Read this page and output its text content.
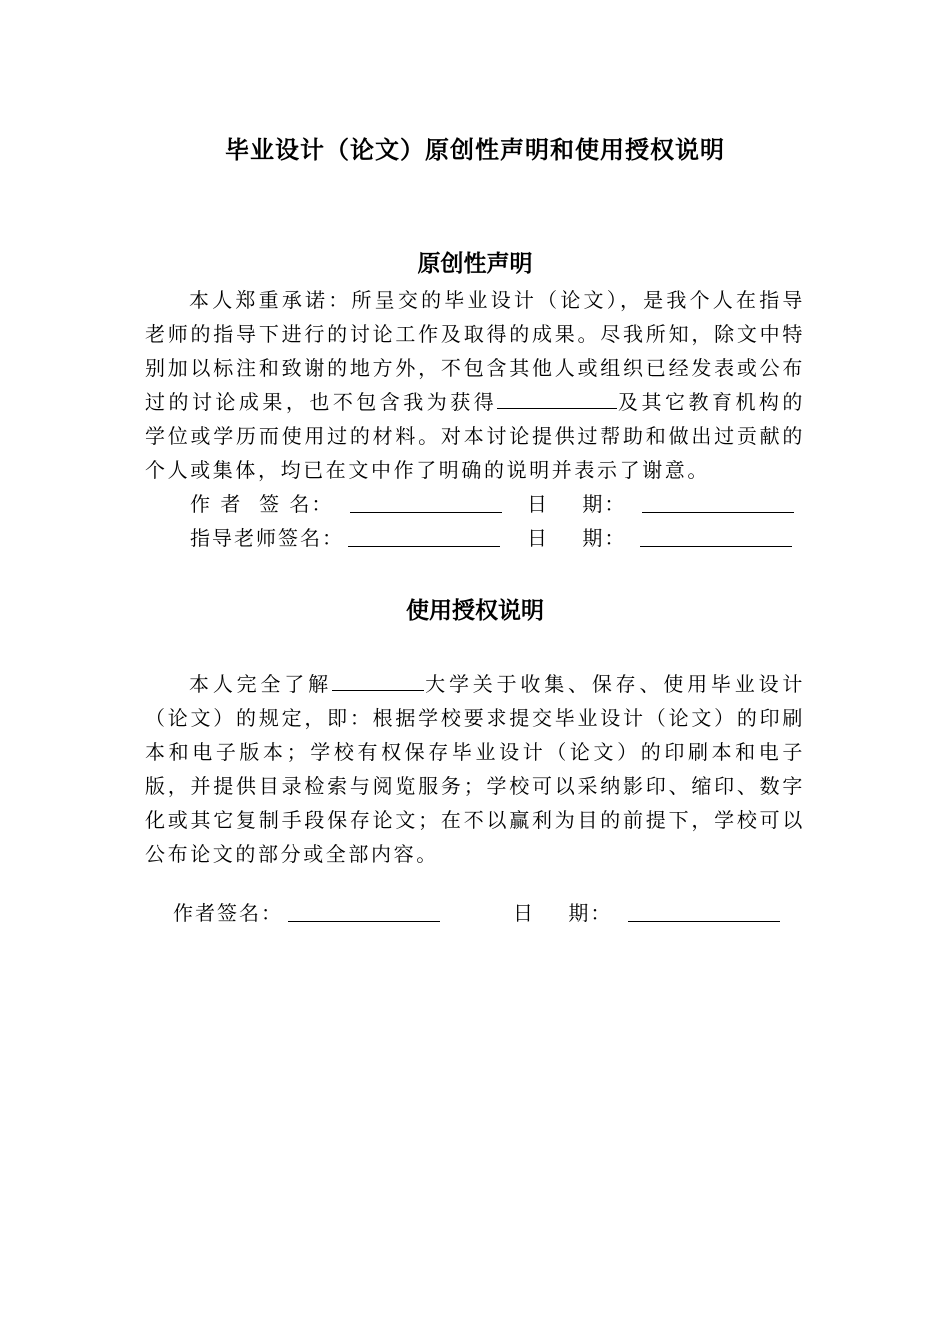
毕业设计（论文）原创性声明和使用授权说明
原创性声明

本人郑重承诺：所呈交的毕业设计（论文），是我个人在指导老师的指导下进行的讨论工作及取得的成果。尽我所知，除文中特别加以标注和致谢的地方外，不包含其他人或组织已经发表或公布过的讨论成果，也不包含我为获得	及其它教育机构的学位或学历而使用过的材料。对本讨论提供过帮助和做出过贡献的个人或集体，均已在文中作了明确的说明并表示了谢意。

作 者  签 名：	日    期：
指导老师签名：	日    期：
使用授权说明

本人完全了解	大学关于收集、保存、使用毕业设计（论文）的规定，即：根据学校要求提交毕业设计（论文）的印刷本和电子版本；学校有权保存毕业设计（论文）的印刷本和电子版，并提供目录检索与阅览服务；学校可以采纳影印、缩印、数字化或其它复制手段保存论文；在不以赢利为目的前提下，学校可以公布论文的部分或全部内容。

作者签名：	日    期：
